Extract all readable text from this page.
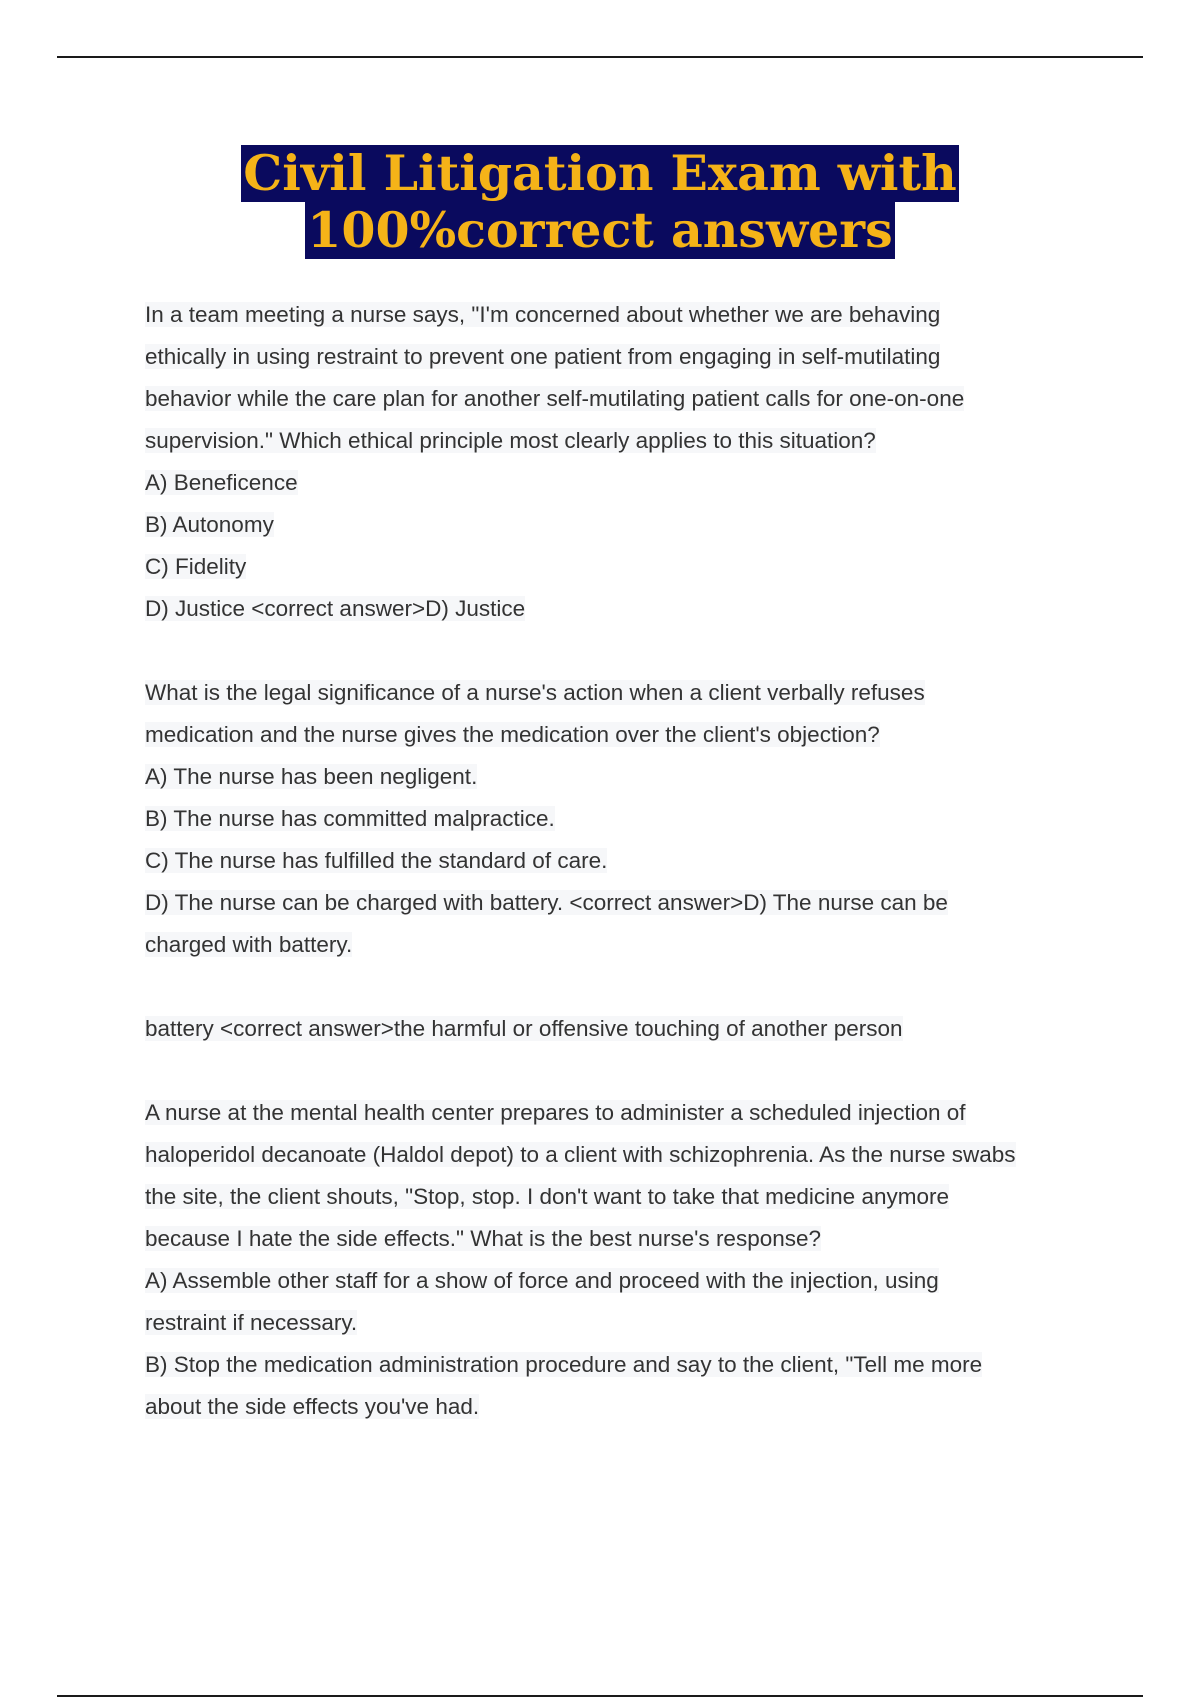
Civil Litigation Exam with
100%correct answers
In a team meeting a nurse says, "I'm concerned about whether we are behaving
ethically in using restraint to prevent one patient from engaging in self-mutilating
behavior while the care plan for another self-mutilating patient calls for one-on-one
supervision." Which ethical principle most clearly applies to this situation?
A) Beneficence
B) Autonomy
C) Fidelity
D) Justice <correct answer>D) Justice
What is the legal significance of a nurse's action when a client verbally refuses
medication and the nurse gives the medication over the client's objection?
A) The nurse has been negligent.
B) The nurse has committed malpractice.
C) The nurse has fulfilled the standard of care.
D) The nurse can be charged with battery. <correct answer>D) The nurse can be
charged with battery.
battery <correct answer>the harmful or offensive touching of another person
A nurse at the mental health center prepares to administer a scheduled injection of
haloperidol decanoate (Haldol depot) to a client with schizophrenia. As the nurse swabs
the site, the client shouts, "Stop, stop. I don't want to take that medicine anymore
because I hate the side effects." What is the best nurse's response?
A) Assemble other staff for a show of force and proceed with the injection, using
restraint if necessary.
B) Stop the medication administration procedure and say to the client, "Tell me more
about the side effects you've had.
